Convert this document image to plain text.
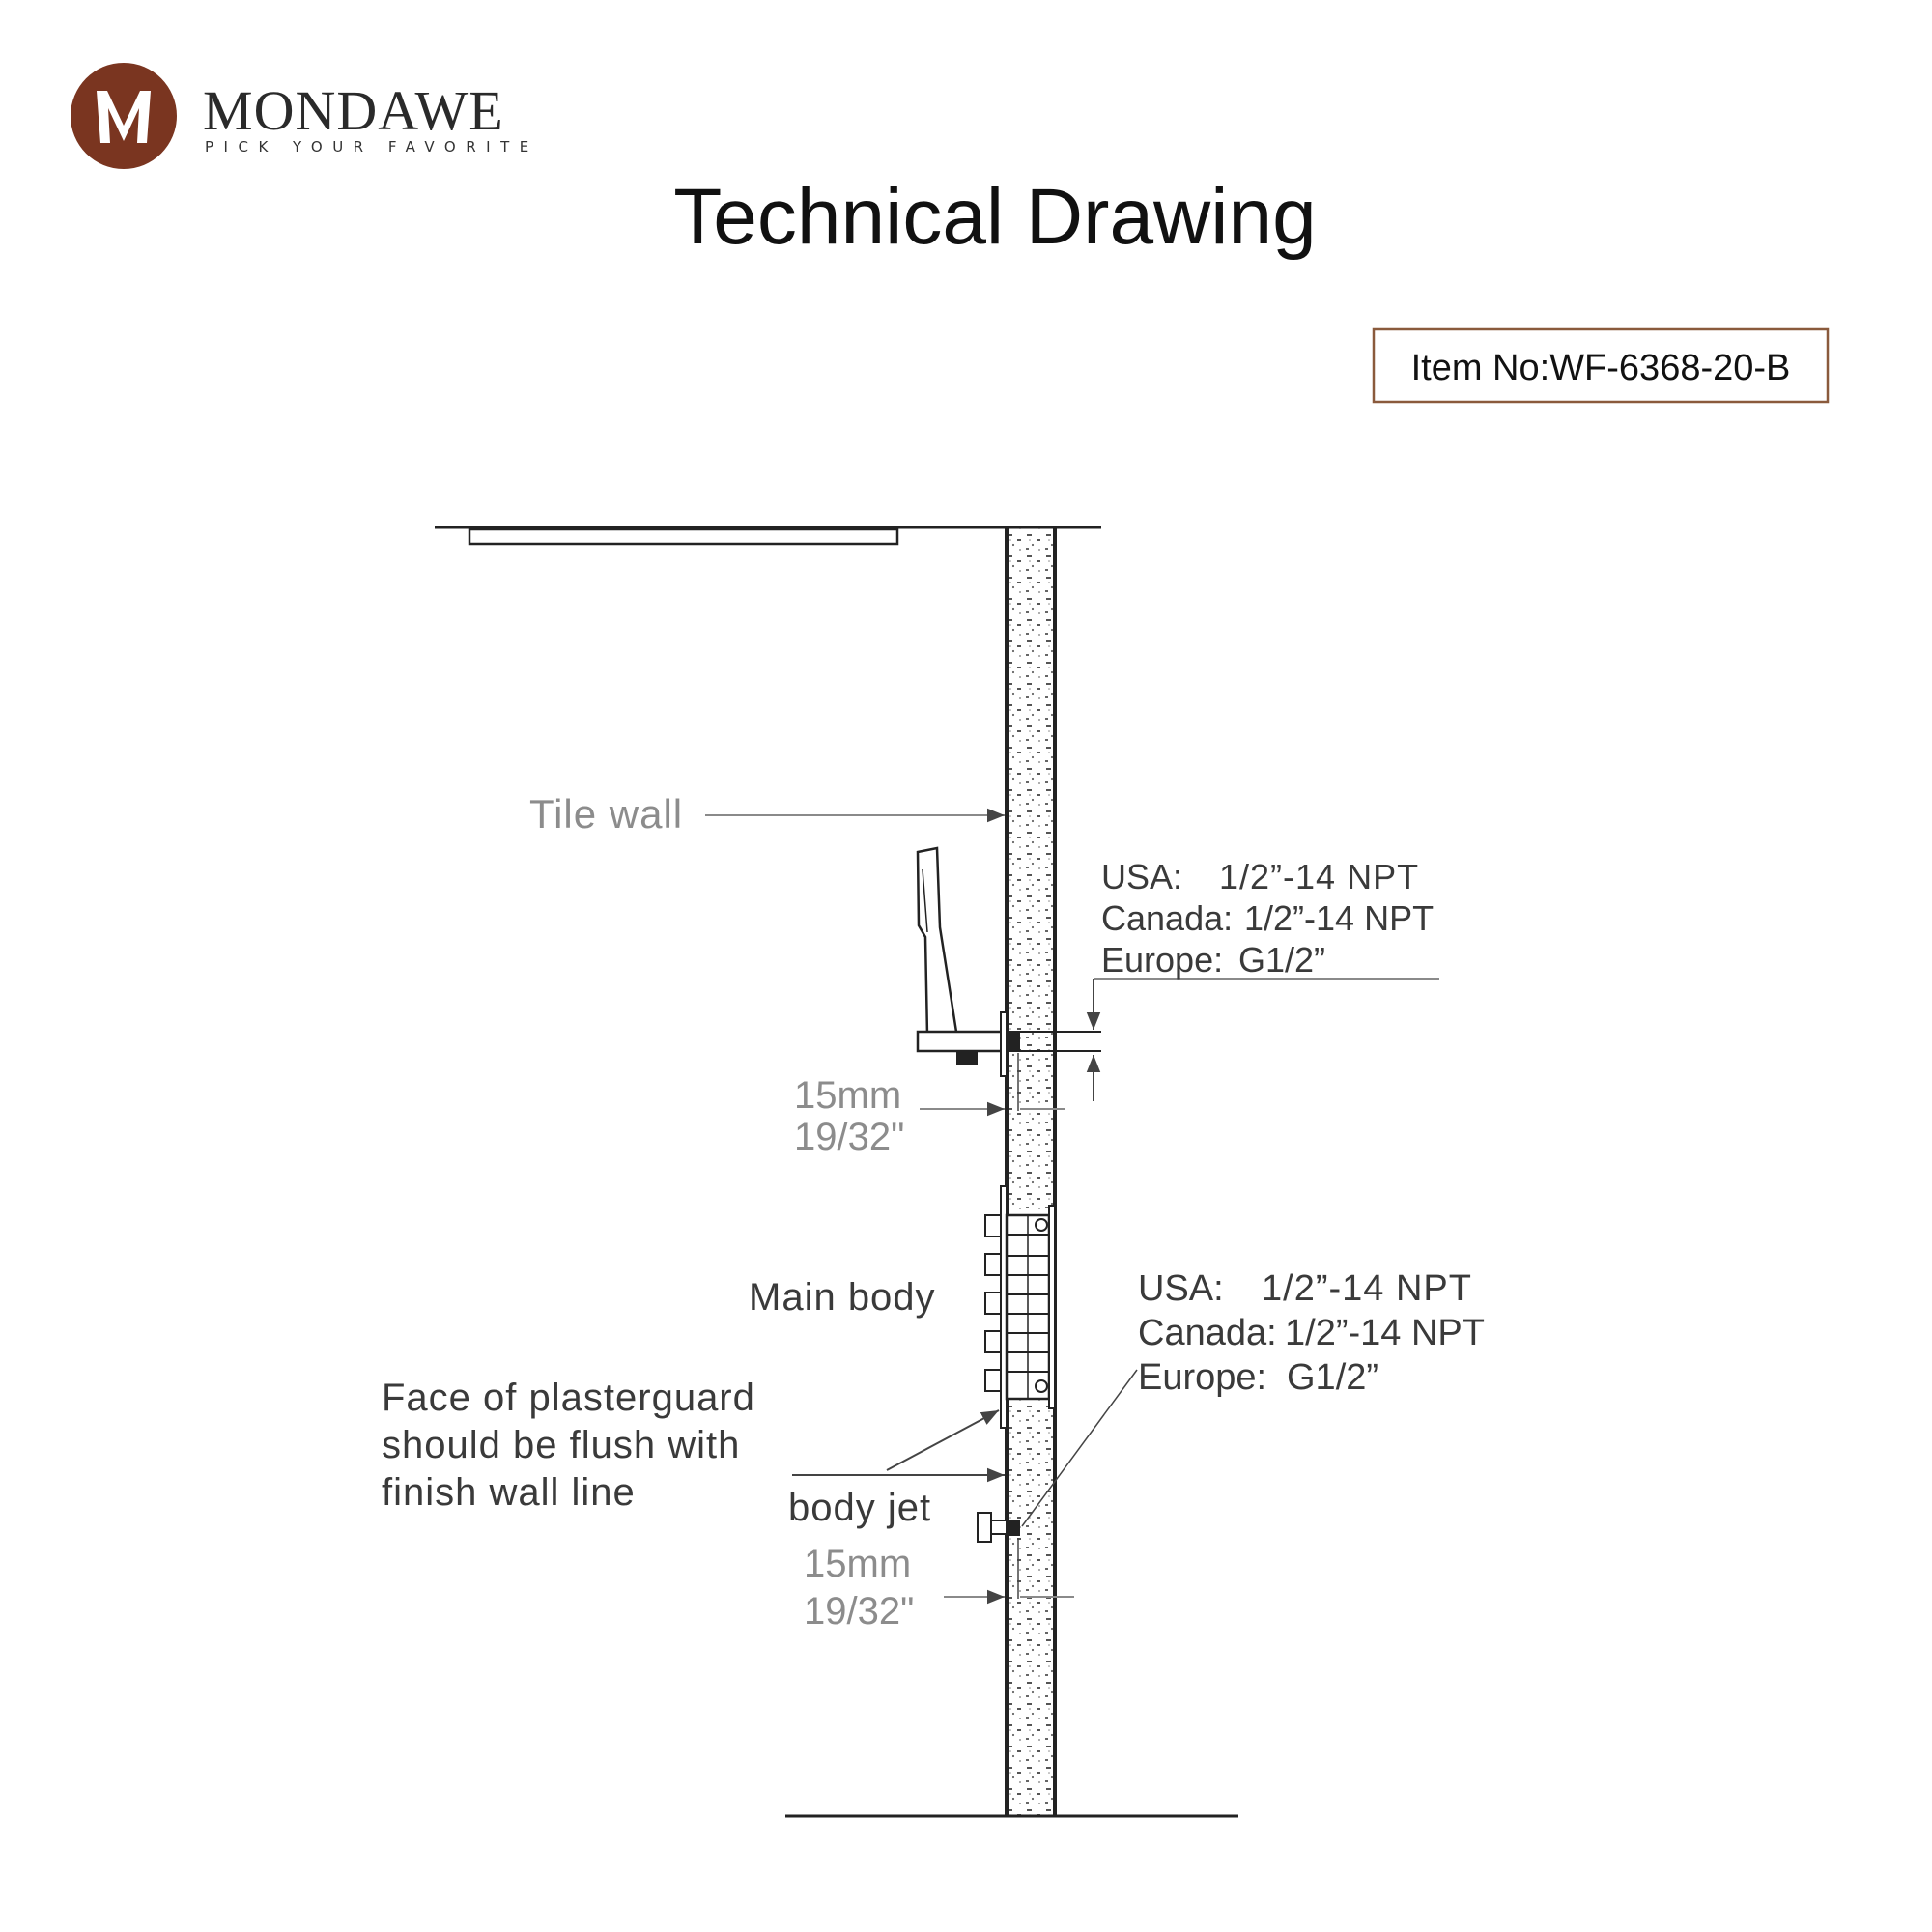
MONDAWE
PICK YOUR FAVORITE
Technical Drawing
Item No:WF-6368-20-B
Tile wall
USA: 1/2”-14 NPT
Canada: 1/2”-14 NPT
Europe: G1/2”
15mm
19/32"
Main body	USA: 1/2”-14 NPT
Canada: 1/2”-14 NPT
Europe: G1/2”
Face of plasterguard
should be flush with
finish wall line	body jet
15mm
19/32"
